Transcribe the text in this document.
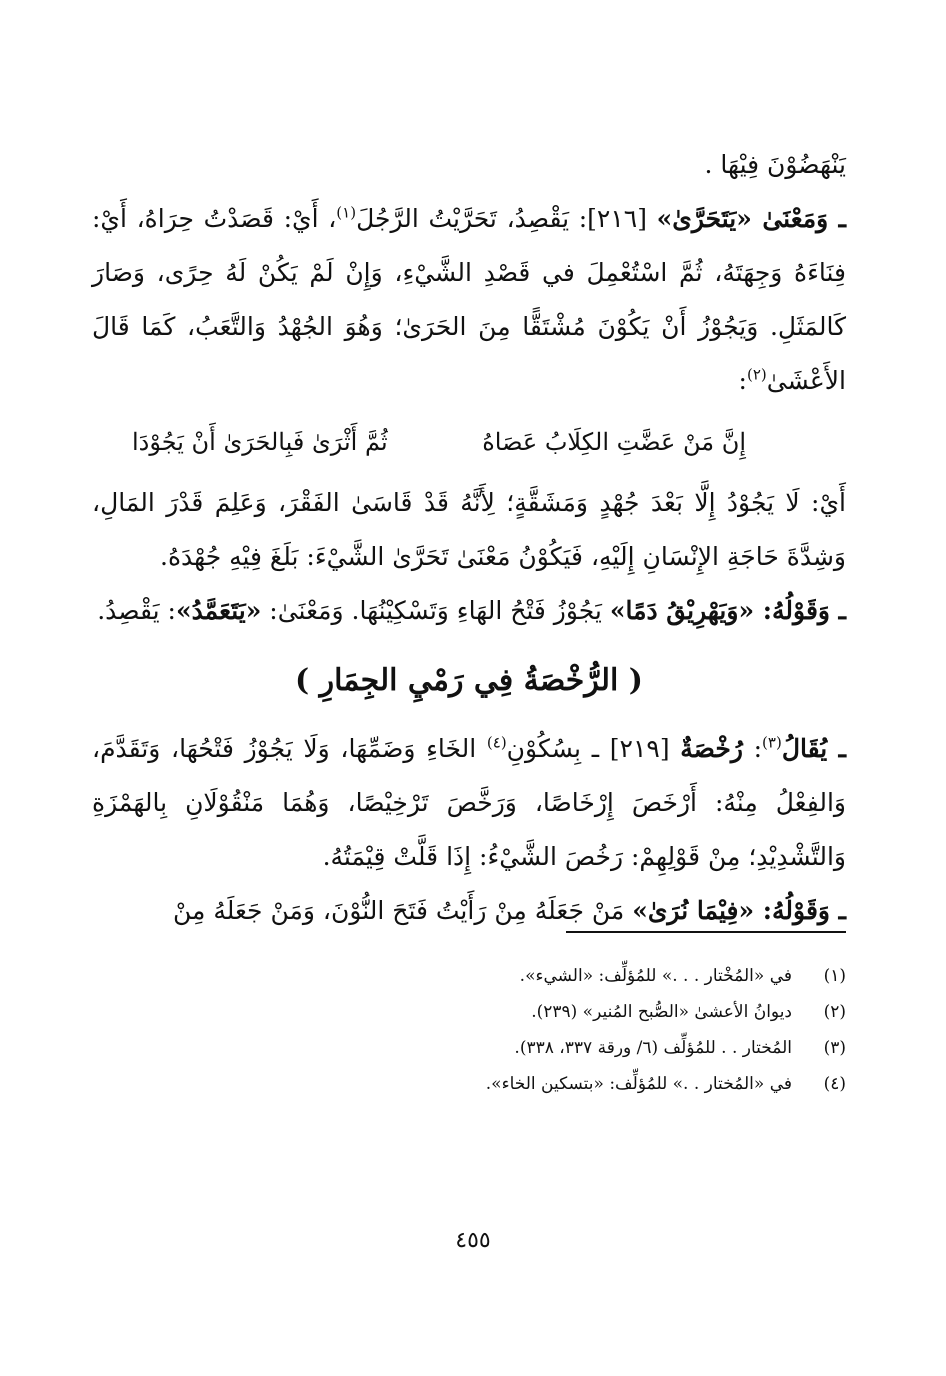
يَنْهَضُوْنَ فِيْهَا .

ـ وَمَعْنَىٰ «يَتَحَرَّىٰ» [٢١٦]: يَقْصِدُ، تَحَرَّيْتُ الرَّجُلَ$^{(١)}$، أَيْ: قَصَدْتُ حِرَاهُ، أَيْ: فِنَاءَهُ وَجِهَتَهُ، ثُمَّ اسْتُعْمِلَ في قَصْدِ الشَّيْءِ، وَإِنْ لَمْ يَكُنْ لَهُ حِرًى، وَصَارَ كَالمَثَلِ. وَيَجُوْزُ أَنْ يَكُوْنَ مُشْتَقًّا مِنَ الحَرَىٰ؛ وَهُوَ الجُهْدُ وَالتَّعَبُ، كَمَا قَالَ الأَعْشَىٰ$^{(٢)}$:

إِنَّ مَنْ عَضَّتِ الكِلَابُ عَصَاهُ
ثُمَّ أَثْرَىٰ فَبِالحَرَىٰ أَنْ يَجُوْدَا

أَيْ: لَا يَجُوْدُ إِلَّا بَعْدَ جُهْدٍ وَمَشَقَّةٍ؛ لِأَنَّهُ قَدْ قَاسَىٰ الفَقْرَ، وَعَلِمَ قَدْرَ المَالِ، وَشِدَّةَ حَاجَةِ الإِنْسَانِ إِلَيْهِ، فَيَكُوْنُ مَعْنَىٰ تَحَرَّىٰ الشَّيْءَ: بَلَغَ فِيْهِ جُهْدَهُ.

ـ وَقَوْلُهُ: «وَيَهْرِيْقُ دَمًا» يَجُوْزُ فَتْحُ الهَاءِ وَتَسْكِيْنُهَا. وَمَعْنَىٰ: «يَتَعَمَّدُ»: يَقْصِدُ.

( الرُّخْصَةُ فِي رَمْيِ الجِمَارِ )

ـ يُقَالُ$^{(٣)}$: رُخْصَةٌ [٢١٩] ـ بِسُكُوْنِ$^{(٤)}$ الخَاءِ وَضَمِّهَا، وَلَا يَجُوْزُ فَتْحُهَا، وَتَقَدَّمَ، وَالفِعْلُ مِنْهُ: أَرْخَصَ إِرْخَاصًا، وَرَخَّصَ تَرْخِيْصًا، وَهُمَا مَنْقُوْلَانِ بِالهَمْزَةِ وَالتَّشْدِيْدِ؛ مِنْ قَوْلِهِمْ: رَخُصَ الشَّيْءُ: إِذَا قَلَّتْ قِيْمَتُهُ.

ـ وَقَوْلُهُ: «فِيْمَا نُرَىٰ» مَنْ جَعَلَهُ مِنْ رَأَيْتُ فَتَحَ النُّوْنَ، وَمَنْ جَعَلَهُ مِنْ

(١)
في «المُخْتار . . .» للمُؤلِّف: «الشيء».
(٢)
ديوانُ الأعشىٰ «الصُّبح المُنير» (٢٣٩).
(٣)
المُختار . . للمُؤلِّف (٦/ ورقة ٣٣٧، ٣٣٨).
(٤)
في «المُختار . .» للمُؤلِّف: «بتسكين الخاء».
٤٥٥
